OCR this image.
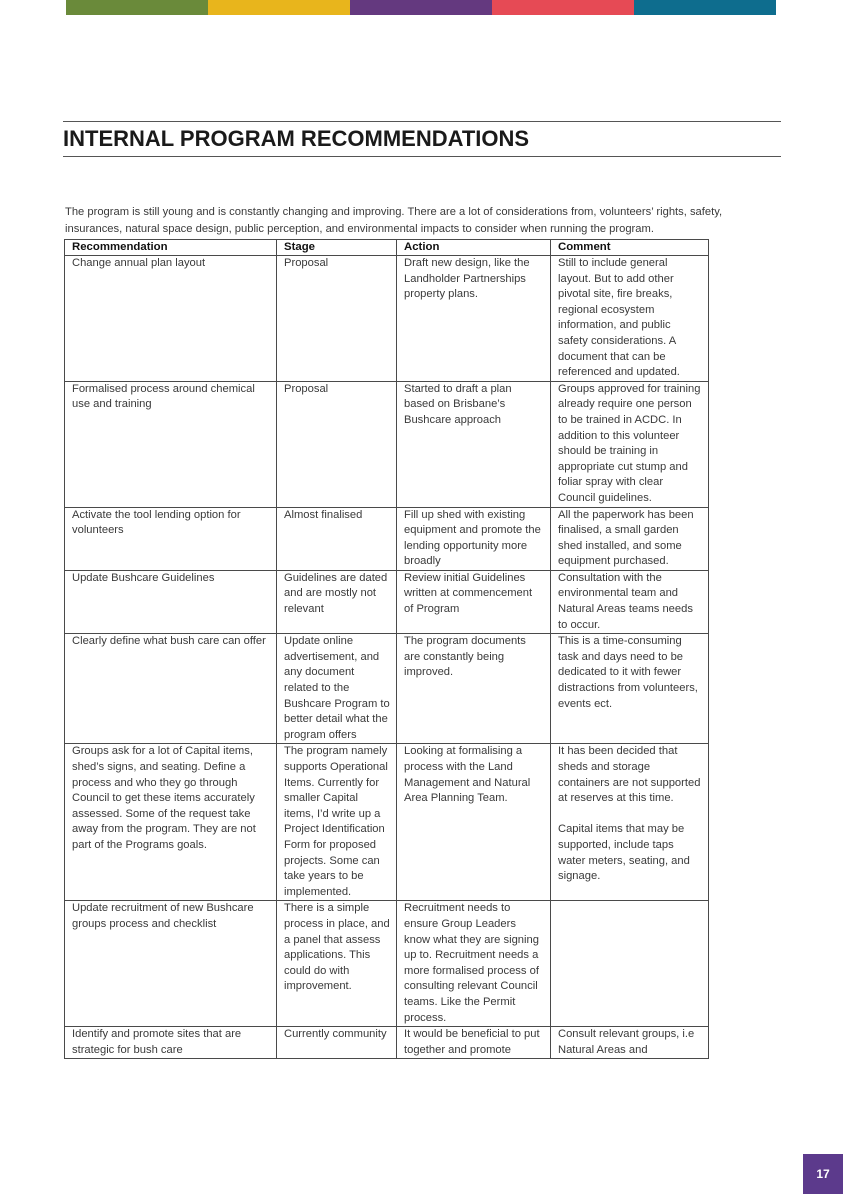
INTERNAL PROGRAM RECOMMENDATIONS

The program is still young and is constantly changing and improving. There are a lot of considerations from, volunteers’ rights, safety, insurances, natural space design, public perception, and environmental impacts to consider when running the program.

Recommendation	Stage	Action	Comment
Change annual plan layout	Proposal	Draft new design, like the Landholder Partnerships property plans.	Still to include general layout. But to add other pivotal site, fire breaks, regional ecosystem information, and public safety considerations. A document that can be referenced and updated.
Formalised process around chemical use and training	Proposal	Started to draft a plan based on Brisbane’s Bushcare approach	Groups approved for training already require one person to be trained in ACDC. In addition to this volunteer should be training in appropriate cut stump and foliar spray with clear Council guidelines.
Activate the tool lending option for volunteers	Almost finalised	Fill up shed with existing equipment and promote the lending opportunity more broadly	All the paperwork has been finalised, a small garden shed installed, and some equipment purchased.
Update Bushcare Guidelines	Guidelines are dated and are mostly not relevant	Review initial Guidelines written at commencement of Program	Consultation with the environmental team and Natural Areas teams needs to occur.
Clearly define what bush care can offer	Update online advertisement, and any document related to the Bushcare Program to better detail what the program offers	The program documents are constantly being improved.	This is a time-consuming task and days need to be dedicated to it with fewer distractions from volunteers, events ect.
Groups ask for a lot of Capital items, shed’s signs, and seating. Define a process and who they go through Council to get these items accurately assessed. Some of the request take away from the program. They are not part of the Programs goals.	The program namely supports Operational Items. Currently for smaller Capital items, I’d write up a Project Identification Form for proposed projects. Some can take years to be implemented.	Looking at formalising a process with the Land Management and Natural Area Planning Team.	It has been decided that sheds and storage containers are not supported at reserves at this time.

Capital items that may be supported, include taps water meters, seating, and signage.
Update recruitment of new Bushcare groups process and checklist	There is a simple process in place, and a panel that assess applications. This could do with improvement.	Recruitment needs to ensure Group Leaders know what they are signing up to. Recruitment needs a more formalised process of consulting relevant Council teams. Like the Permit process.	
Identify and promote sites that are strategic for bush care	Currently community	It would be beneficial to put together and promote	Consult relevant groups, i.e Natural Areas and
17
